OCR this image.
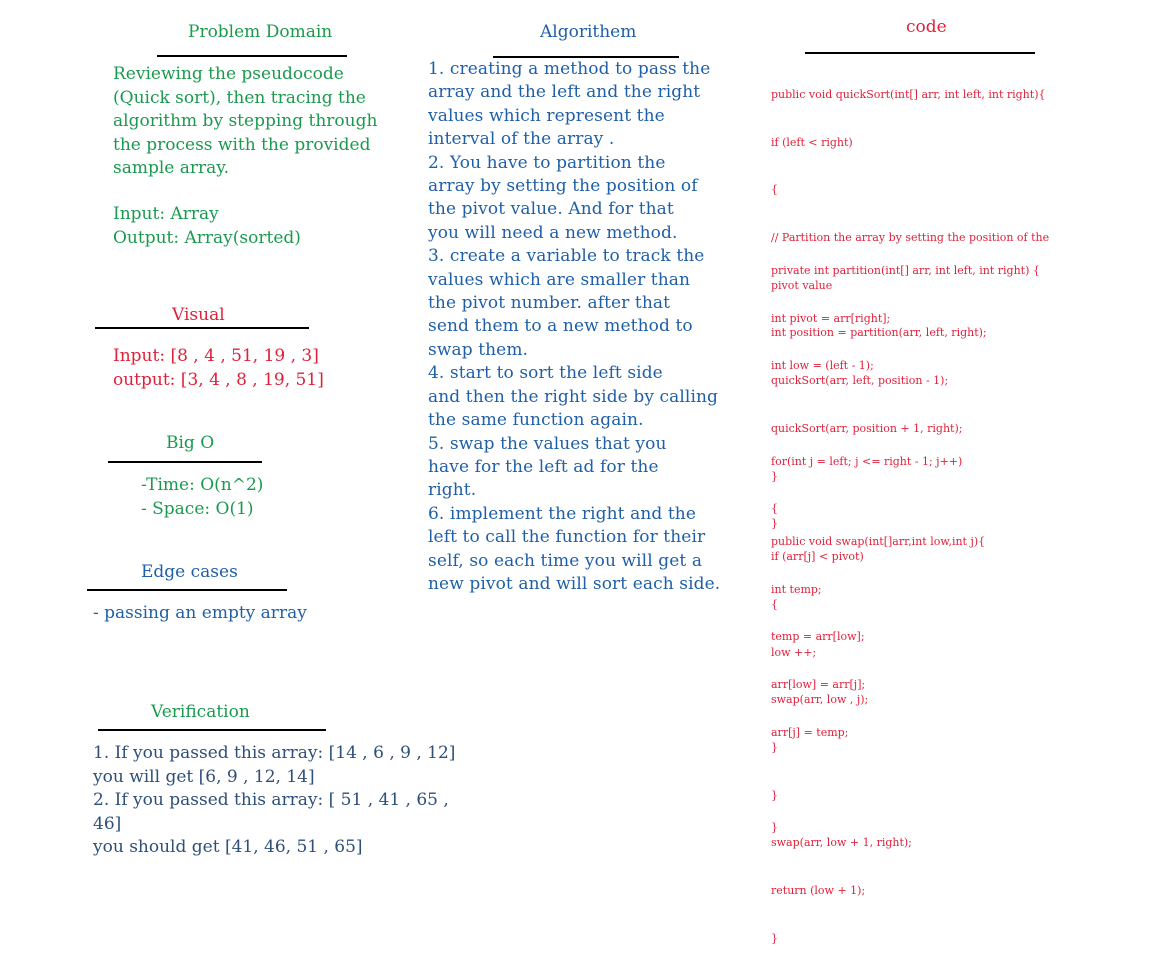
Problem Domain
Reviewing the pseudocode
(Quick sort), then tracing the
algorithm by stepping through
the process with the provided
sample array.
Input: Array
Output: Array(sorted)
Visual
Input: [8 , 4 , 51, 19 , 3]
output: [3, 4 , 8 , 19, 51]
Big O
-Time: O(n^2)
- Space: O(1)
Edge cases
- passing an empty array
Verification
1. If you passed this array: [14 , 6 , 9 , 12]
you will get [6, 9 , 12, 14]
2. If you passed this array: [ 51 , 41 , 65 ,
46]
you should get [41, 46, 51 , 65]
Algorithem
1. creating a method to pass the
array and the left and the right
values which represent the
interval of the array .
2. You have to partition the
array by setting the position of
the pivot value. And for that
you will need a new method.
3. create a variable to track the
values which are smaller than
the pivot number. after that
send them to a new method to
swap them.
4. start to sort the left side
and then the right side by calling
the same function again.
5. swap the values that you
have for the left ad for the
right.
6. implement the right and the
left to call the function for their
self, so each time you will get a
new pivot and will sort each side.
code

public void quickSort(int[] arr, int left, int right){

if (left < right)

{

// Partition the array by setting the position of the

pivot value

int position = partition(arr, left, right);

quickSort(arr, left, position - 1);

quickSort(arr, position + 1, right);

}

}

private int partition(int[] arr, int left, int right) {

int pivot = arr[right];

int low = (left - 1);

for(int j = left; j <= right - 1; j++)

{

if (arr[j] < pivot)

{

low ++;

swap(arr, low , j);

}

}

swap(arr, low + 1, right);

return (low + 1);

}

public void swap(int[]arr,int low,int j){

int temp;

temp = arr[low];

arr[low] = arr[j];

arr[j] = temp;

}
